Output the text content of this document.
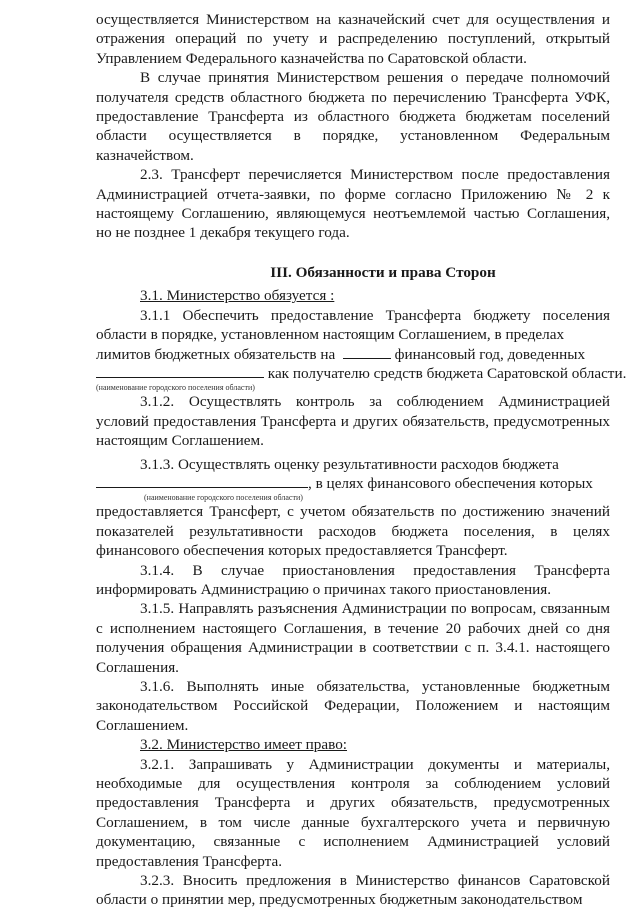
осуществляется Министерством на казначейский счет для осуществления и отражения операций по учету и распределению поступлений, открытый Управлением Федерального казначейства по Саратовской области.

В случае принятия Министерством решения о передаче полномочий получателя средств областного бюджета по перечислению Трансферта УФК, предоставление Трансферта из областного бюджета бюджетам поселений области осуществляется в порядке, установленном Федеральным казначейством.

2.3. Трансферт перечисляется Министерством после предоставления Администрацией отчета-заявки, по форме согласно Приложению № 2 к настоящему Соглашению, являющемуся неотъемлемой частью Соглашения, но не позднее 1 декабря текущего года.

III. Обязанности и права Сторон

3.1. Министерство обязуется :

3.1.1 Обеспечить предоставление Трансферта бюджету поселения области в порядке, установленном настоящим Соглашением, в пределах

лимитов бюджетных обязательств на	финансовый год, доведенных

как получателю средств бюджета Саратовской области.

(наименование городского поселения области)

3.1.2. Осуществлять контроль за соблюдением Администрацией условий предоставления Трансферта и других обязательств, предусмотренных настоящим Соглашением.

3.1.3. Осуществлять оценку результативности расходов бюджета

, в целях финансового обеспечения которых

(наименование городского поселения области)

предоставляется Трансферт, с учетом обязательств по достижению значений показателей результативности расходов бюджета поселения, в целях финансового обеспечения которых предоставляется Трансферт.

3.1.4. В случае приостановления предоставления Трансферта информировать Администрацию о причинах такого приостановления.

3.1.5. Направлять разъяснения Администрации по вопросам, связанным с исполнением настоящего Соглашения, в течение 20 рабочих дней со дня получения обращения Администрации в соответствии с п. 3.4.1. настоящего Соглашения.

3.1.6. Выполнять иные обязательства, установленные бюджетным законодательством Российской Федерации, Положением и настоящим Соглашением.

3.2. Министерство имеет право:

3.2.1. Запрашивать у Администрации документы и материалы, необходимые для осуществления контроля за соблюдением условий предоставления Трансферта и других обязательств, предусмотренных Соглашением, в том числе данные бухгалтерского учета и первичную документацию, связанные с исполнением Администрацией условий предоставления Трансферта.

3.2.3. Вносить предложения в Министерство финансов Саратовской области о принятии мер, предусмотренных бюджетным законодательством
